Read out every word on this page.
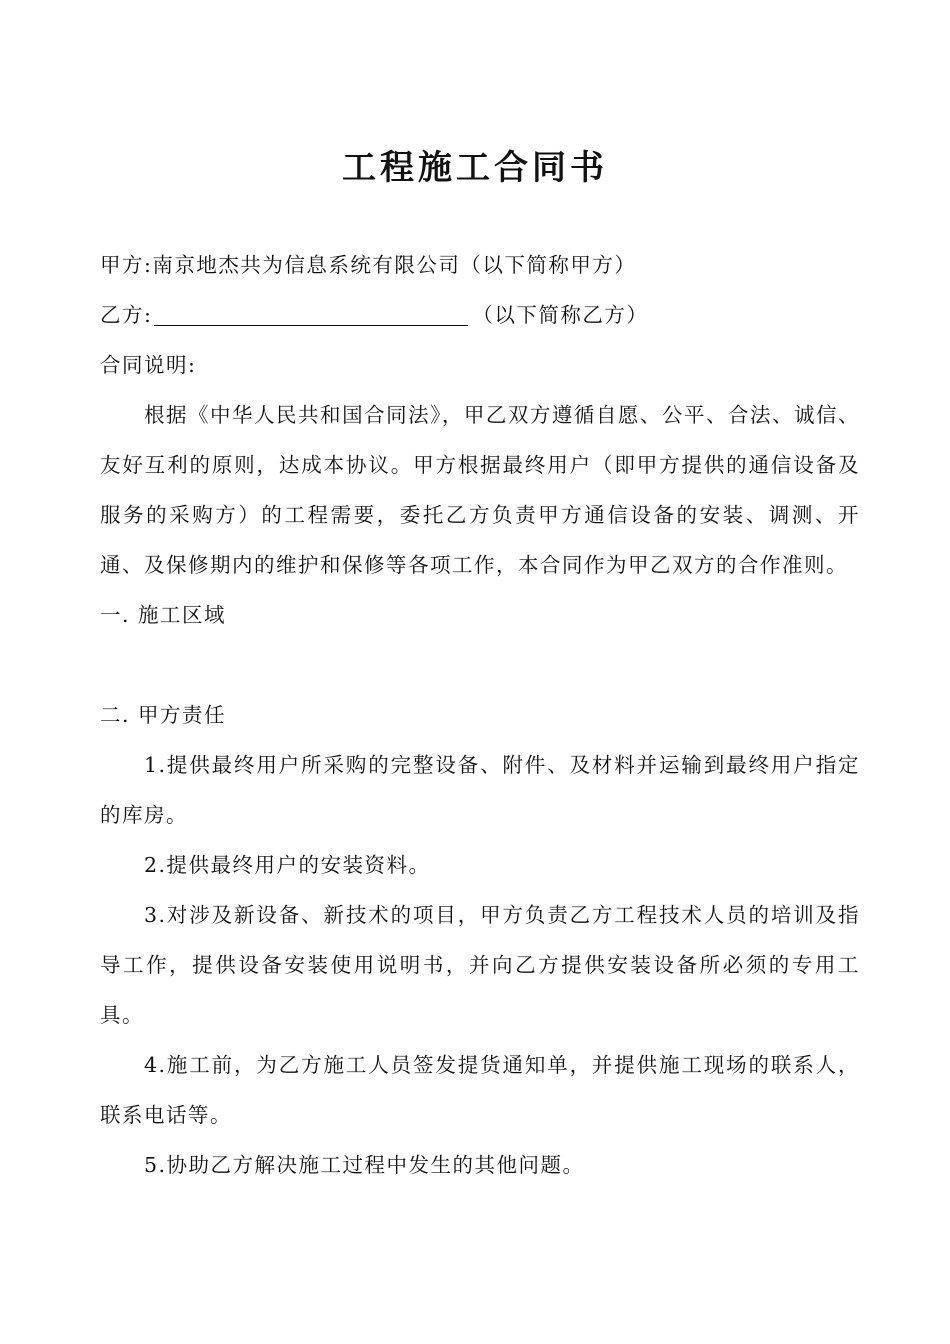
工程施工合同书
甲方:南京地杰共为信息系统有限公司（以下简称甲方）
乙方:	（以下简称乙方）
合同说明:
根据《中华人民共和国合同法》，甲乙双方遵循自愿、公平、合法、诚信、友好互利的原则，达成本协议。甲方根据最终用户（即甲方提供的通信设备及服务的采购方）的工程需要，委托乙方负责甲方通信设备的安装、调测、开通、及保修期内的维护和保修等各项工作，本合同作为甲乙双方的合作准则。
一. 施工区域
二. 甲方责任
1.提供最终用户所采购的完整设备、附件、及材料并运输到最终用户指定的库房。
2.提供最终用户的安装资料。
3.对涉及新设备、新技术的项目，甲方负责乙方工程技术人员的培训及指导工作，提供设备安装使用说明书，并向乙方提供安装设备所必须的专用工具。
4.施工前，为乙方施工人员签发提货通知单，并提供施工现场的联系人，联系电话等。
5.协助乙方解决施工过程中发生的其他问题。
